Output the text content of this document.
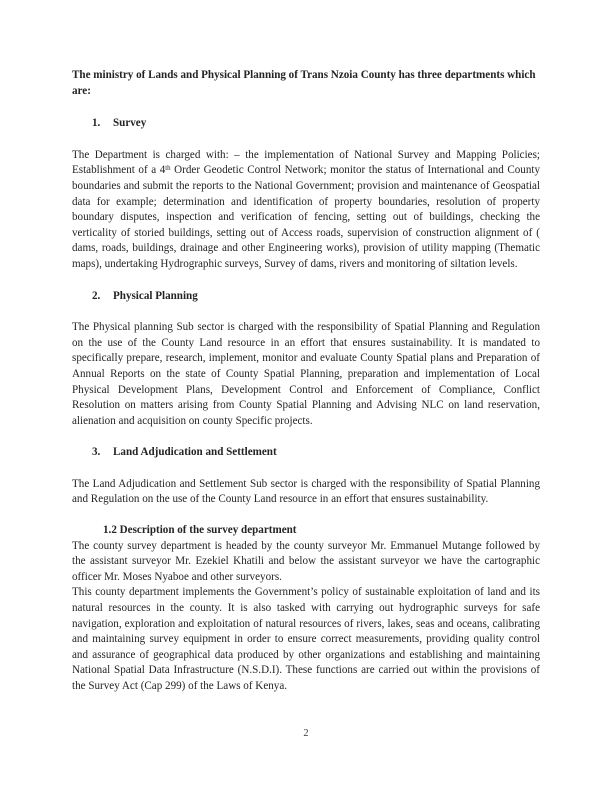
The ministry of Lands and Physical Planning of Trans Nzoia County has three departments which are:
1. Survey

The Department is charged with: – the implementation of National Survey and Mapping Policies; Establishment of a 4th Order Geodetic Control Network; monitor the status of International and County boundaries and submit the reports to the National Government; provision and maintenance of Geospatial data for example; determination and identification of property boundaries, resolution of property boundary disputes, inspection and verification of fencing, setting out of buildings, checking the verticality of storied buildings, setting out of Access roads, supervision of construction alignment of ( dams, roads, buildings, drainage and other Engineering works), provision of utility mapping (Thematic maps), undertaking Hydrographic surveys, Survey of dams, rivers and monitoring of siltation levels.

2. Physical Planning

The Physical planning Sub sector is charged with the responsibility of Spatial Planning and Regulation on the use of the County Land resource in an effort that ensures sustainability. It is mandated to specifically prepare, research, implement, monitor and evaluate County Spatial plans and Preparation of Annual Reports on the state of County Spatial Planning, preparation and implementation of Local Physical Development Plans, Development Control and Enforcement of Compliance, Conflict Resolution on matters arising from County Spatial Planning and Advising NLC on land reservation, alienation and acquisition on county Specific projects.

3. Land Adjudication and Settlement

The Land Adjudication and Settlement Sub sector is charged with the responsibility of Spatial Planning and Regulation on the use of the County Land resource in an effort that ensures sustainability.

1.2 Description of the survey department

The county survey department is headed by the county surveyor Mr. Emmanuel Mutange followed by the assistant surveyor Mr. Ezekiel Khatili and below the assistant surveyor we have the cartographic officer Mr. Moses Nyaboe and other surveyors.

This county department implements the Government’s policy of sustainable exploitation of land and its natural resources in the county. It is also tasked with carrying out hydrographic surveys for safe navigation, exploration and exploitation of natural resources of rivers, lakes, seas and oceans, calibrating and maintaining survey equipment in order to ensure correct measurements, providing quality control and assurance of geographical data produced by other organizations and establishing and maintaining National Spatial Data Infrastructure (N.S.D.I). These functions are carried out within the provisions of the Survey Act (Cap 299) of the Laws of Kenya.

2
